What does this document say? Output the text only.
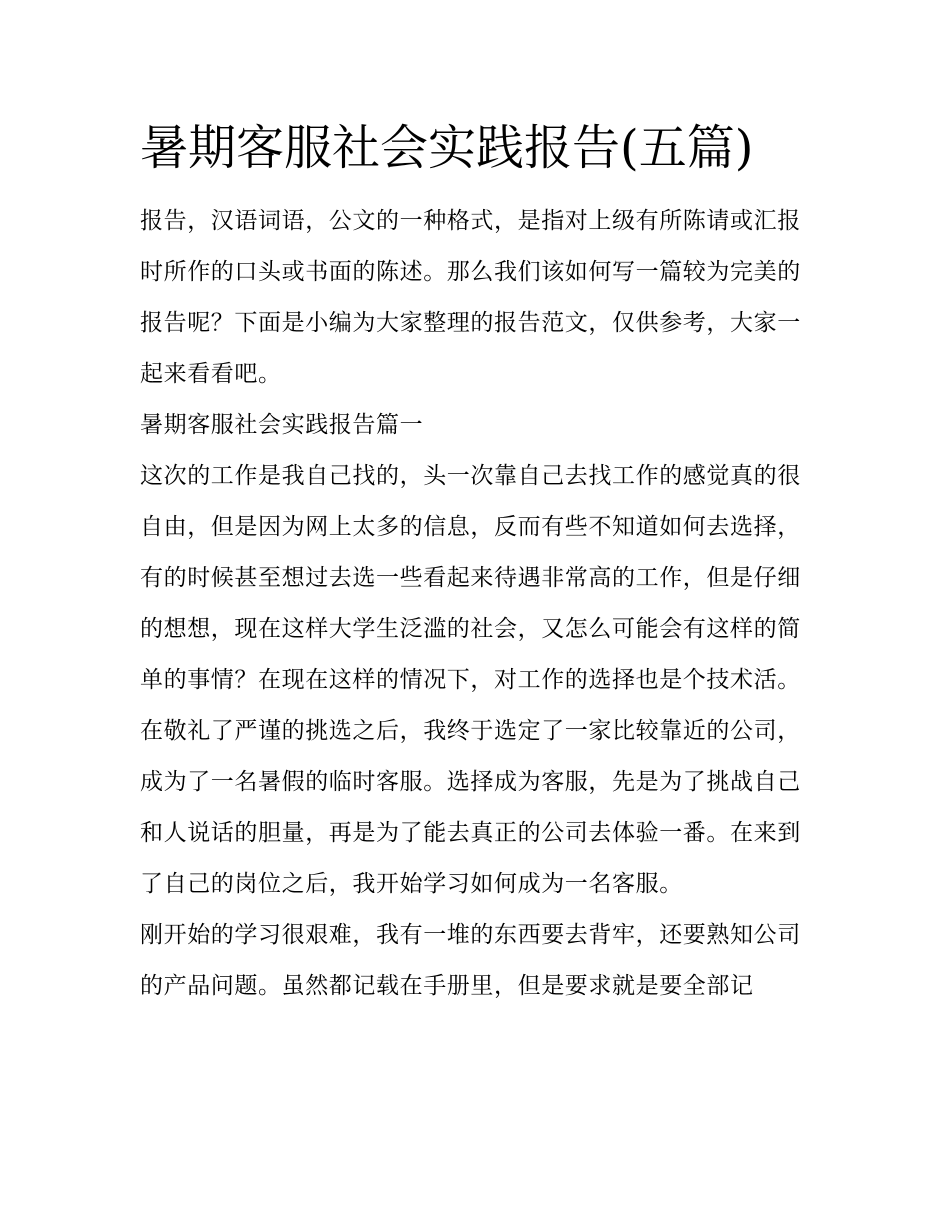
暑期客服社会实践报告(五篇)

报告，汉语词语，公文的一种格式，是指对上级有所陈请或汇报时所作的口头或书面的陈述。那么我们该如何写一篇较为完美的报告呢？下面是小编为大家整理的报告范文，仅供参考，大家一起来看看吧。

暑期客服社会实践报告篇一

这次的工作是我自己找的，头一次靠自己去找工作的感觉真的很自由，但是因为网上太多的信息，反而有些不知道如何去选择，有的时候甚至想过去选一些看起来待遇非常高的工作，但是仔细的想想，现在这样大学生泛滥的社会，又怎么可能会有这样的简单的事情？在现在这样的情况下，对工作的选择也是个技术活。

在敬礼了严谨的挑选之后，我终于选定了一家比较靠近的公司，成为了一名暑假的临时客服。选择成为客服，先是为了挑战自己和人说话的胆量，再是为了能去真正的公司去体验一番。在来到了自己的岗位之后，我开始学习如何成为一名客服。

刚开始的学习很艰难，我有一堆的东西要去背牢，还要熟知公司的产品问题。虽然都记载在手册里，但是要求就是要全部记
